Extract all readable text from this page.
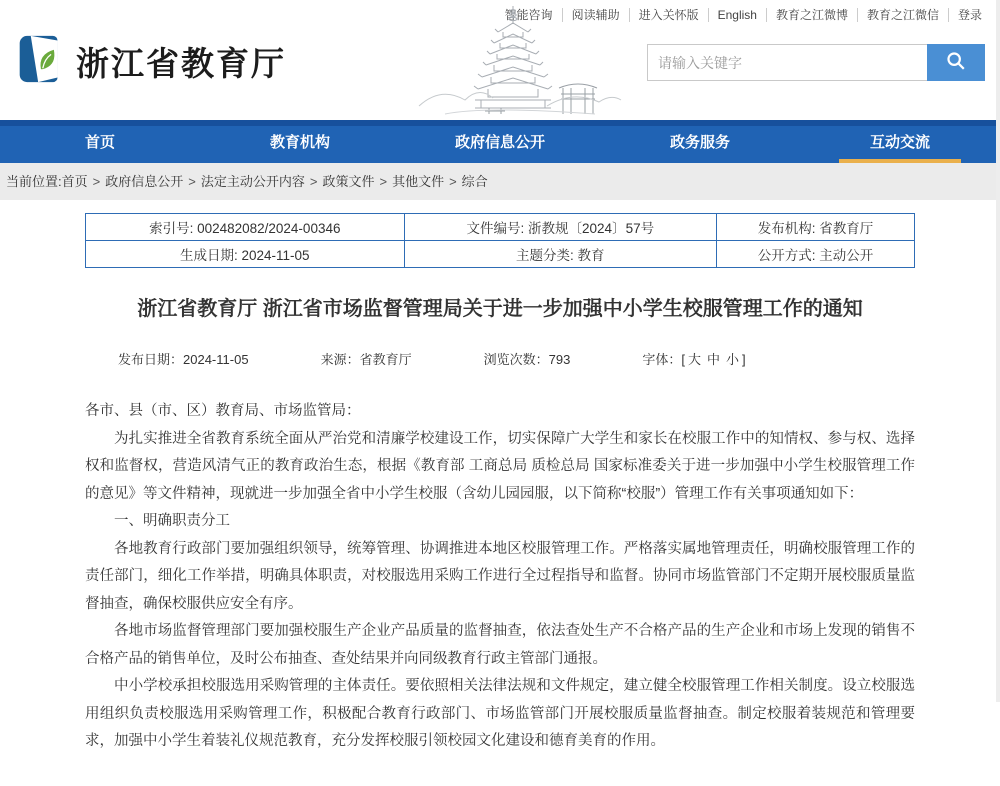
智能咨询 阅读辅助 进入关怀版 English 教育之江微博 教育之江微信 登录
浙江省教育厅
请输入关键字
首页	教育机构	政府信息公开	政务服务	互动交流
当前位置:首页 > 政府信息公开 > 法定主动公开内容 > 政策文件 > 其他文件 > 综合
索引号: 002482082/2024-00346	文件编号: 浙教规〔2024〕57号	发布机构: 省教育厅
生成日期: 2024-11-05	主题分类: 教育	公开方式: 主动公开
浙江省教育厅 浙江省市场监督管理局关于进一步加强中小学生校服管理工作的通知
发布日期：2024-11-05	来源：省教育厅	浏览次数：793	字体：[ 大 中 小 ]

各市、县（市、区）教育局、市场监管局：

为扎实推进全省教育系统全面从严治党和清廉学校建设工作，切实保障广大学生和家长在校服工作中的知情权、参与权、选择权和监督权，营造风清气正的教育政治生态，根据《教育部 工商总局 质检总局 国家标准委关于进一步加强中小学生校服管理工作的意见》等文件精神，现就进一步加强全省中小学生校服（含幼儿园园服，以下简称“校服”）管理工作有关事项通知如下：

一、明确职责分工

各地教育行政部门要加强组织领导，统筹管理、协调推进本地区校服管理工作。严格落实属地管理责任，明确校服管理工作的责任部门，细化工作举措，明确具体职责，对校服选用采购工作进行全过程指导和监督。协同市场监管部门不定期开展校服质量监督抽查，确保校服供应安全有序。

各地市场监督管理部门要加强校服生产企业产品质量的监督抽查，依法查处生产不合格产品的生产企业和市场上发现的销售不合格产品的销售单位，及时公布抽查、查处结果并向同级教育行政主管部门通报。

中小学校承担校服选用采购管理的主体责任。要依照相关法律法规和文件规定，建立健全校服管理工作相关制度。设立校服选用组织负责校服选用采购管理工作，积极配合教育行政部门、市场监管部门开展校服质量监督抽查。制定校服着装规范和管理要求，加强中小学生着装礼仪规范教育，充分发挥校服引领校园文化建设和德育美育的作用。
